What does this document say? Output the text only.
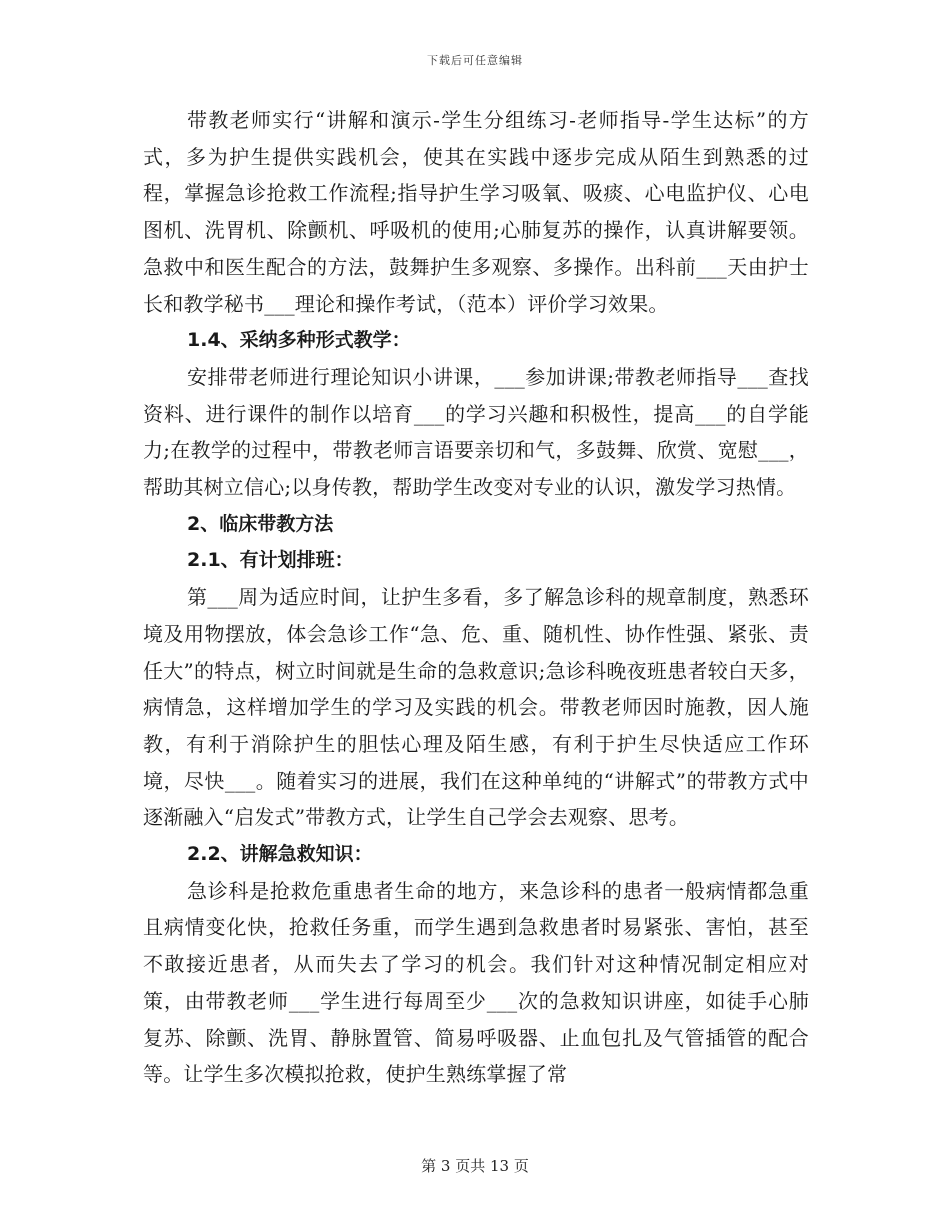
下载后可任意编辑

带教老师实行“讲解和演示-学生分组练习-老师指导-学生达标”的方式，多为护生提供实践机会，使其在实践中逐步完成从陌生到熟悉的过程，掌握急诊抢救工作流程;指导护生学习吸氧、吸痰、心电监护仪、心电图机、洗胃机、除颤机、呼吸机的使用;心肺复苏的操作，认真讲解要领。急救中和医生配合的方法，鼓舞护生多观察、多操作。出科前___天由护士长和教学秘书___理论和操作考试，（范本）评价学习效果。

1.4、采纳多种形式教学：

安排带老师进行理论知识小讲课，___参加讲课;带教老师指导___查找资料、进行课件的制作以培育___的学习兴趣和积极性，提高___的自学能力;在教学的过程中，带教老师言语要亲切和气，多鼓舞、欣赏、宽慰___，帮助其树立信心;以身传教，帮助学生改变对专业的认识，激发学习热情。

2、临床带教方法

2.1、有计划排班：

第___周为适应时间，让护生多看，多了解急诊科的规章制度，熟悉环境及用物摆放，体会急诊工作“急、危、重、随机性、协作性强、紧张、责任大”的特点，树立时间就是生命的急救意识;急诊科晚夜班患者较白天多，病情急，这样增加学生的学习及实践的机会。带教老师因时施教，因人施教，有利于消除护生的胆怯心理及陌生感，有利于护生尽快适应工作环境，尽快___。随着实习的进展，我们在这种单纯的“讲解式”的带教方式中逐渐融入“启发式”带教方式，让学生自己学会去观察、思考。

2.2、讲解急救知识：

急诊科是抢救危重患者生命的地方，来急诊科的患者一般病情都急重且病情变化快，抢救任务重，而学生遇到急救患者时易紧张、害怕，甚至不敢接近患者，从而失去了学习的机会。我们针对这种情况制定相应对策，由带教老师___学生进行每周至少___次的急救知识讲座，如徒手心肺复苏、除颤、洗胃、静脉置管、简易呼吸器、止血包扎及气管插管的配合等。让学生多次模拟抢救，使护生熟练掌握了常

第 3 页共 13 页
